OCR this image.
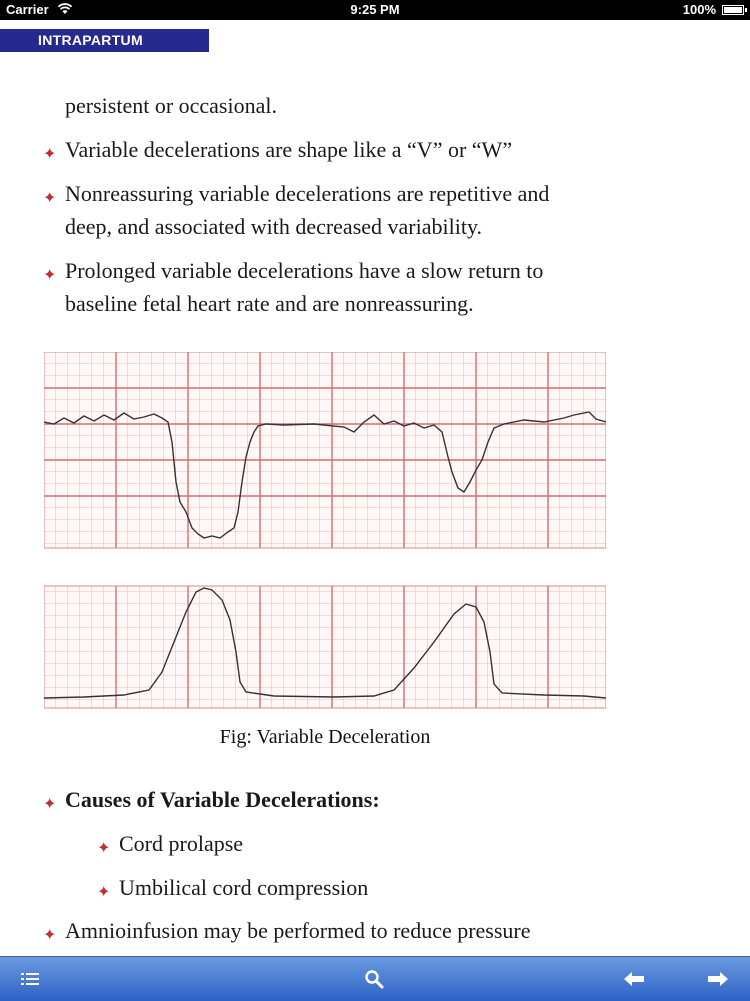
Carrier	9:25 PM	100%
INTRAPARTUM
persistent or occasional.
✦ Variable decelerations are shape like a “V” or “W”
✦ Nonreassuring variable decelerations are repetitive and
deep, and associated with decreased variability.
✦ Prolonged variable decelerations have a slow return to
baseline fetal heart rate and are nonreassuring.
Fig: Variable Deceleration
✦ Causes of Variable Decelerations:
✦ Cord prolapse
✦ Umbilical cord compression
✦ Amnioinfusion may be performed to reduce pressure
